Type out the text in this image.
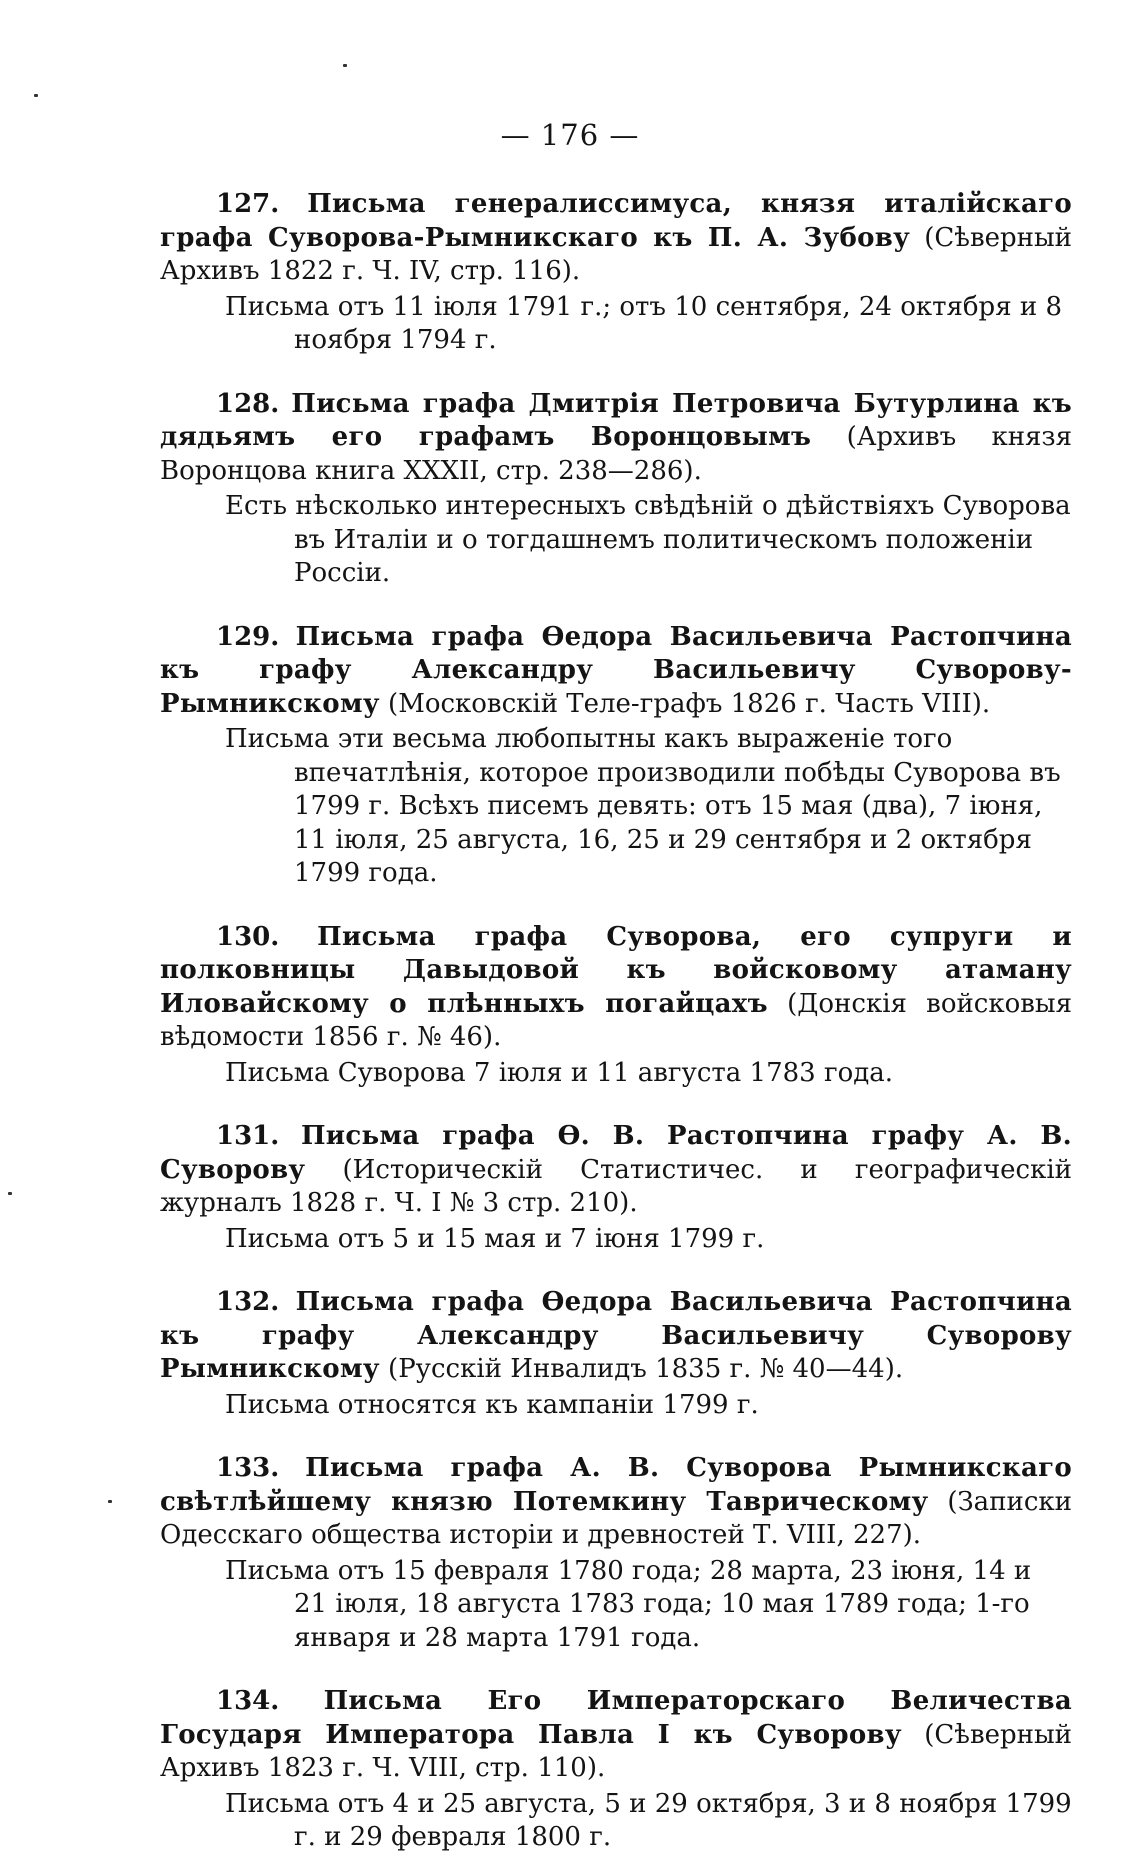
— 176 —

127. Письма генералиссимуса, князя италійскаго графа Суворова-Рымникскаго къ П. А. Зубову (Сѣверный Архивъ 1822 г. Ч. IV, стр. 116).

Письма отъ 11 іюля 1791 г.; отъ 10 сентября, 24 октября и 8 ноября 1794 г.

128. Письма графа Дмитрія Петровича Бутурлина къ дядьямъ его графамъ Воронцовымъ (Архивъ князя Воронцова книга XXXII, стр. 238—286).

Есть нѣсколько интересныхъ свѣдѣній о дѣйствіяхъ Суворова въ Италіи и о тогдашнемъ политическомъ положеніи Россіи.

129. Письма графа Өедора Васильевича Растопчина къ графу Александру Васильевичу Суворову-Рымникскому (Московскій Теле-графъ 1826 г. Часть VIII).

Письма эти весьма любопытны какъ выраженіе того впечатлѣнія, которое производили побѣды Суворова въ 1799 г. Всѣхъ писемъ девять: отъ 15 мая (два), 7 іюня, 11 іюля, 25 августа, 16, 25 и 29 сентября и 2 октября 1799 года.

130. Письма графа Суворова, его супруги и полковницы Давыдовой къ войсковому атаману Иловайскому о плѣнныхъ погайцахъ (Донскія войсковыя вѣдомости 1856 г. № 46).

Письма Суворова 7 іюля и 11 августа 1783 года.

131. Письма графа Ө. В. Растопчина графу А. В. Суворову (Историческій Статистичес. и географическій журналъ 1828 г. Ч. I № 3 стр. 210).

Письма отъ 5 и 15 мая и 7 іюня 1799 г.

132. Письма графа Өедора Васильевича Растопчина къ графу Александру Васильевичу Суворову Рымникскому (Русскій Инвалидъ 1835 г. № 40—44).

Письма относятся къ кампаніи 1799 г.

133. Письма графа А. В. Суворова Рымникскаго свѣтлѣйшему князю Потемкину Таврическому (Записки Одесскаго общества исторіи и древностей Т. VIII, 227).

Письма отъ 15 февраля 1780 года; 28 марта, 23 іюня, 14 и 21 іюля, 18 августа 1783 года; 10 мая 1789 года; 1-го января и 28 марта 1791 года.

134. Письма Его Императорскаго Величества Государя Императора Павла I къ Суворову (Сѣверный Архивъ 1823 г. Ч. VIII, стр. 110).

Письма отъ 4 и 25 августа, 5 и 29 октября, 3 и 8 ноября 1799 г. и 29 февраля 1800 г.
